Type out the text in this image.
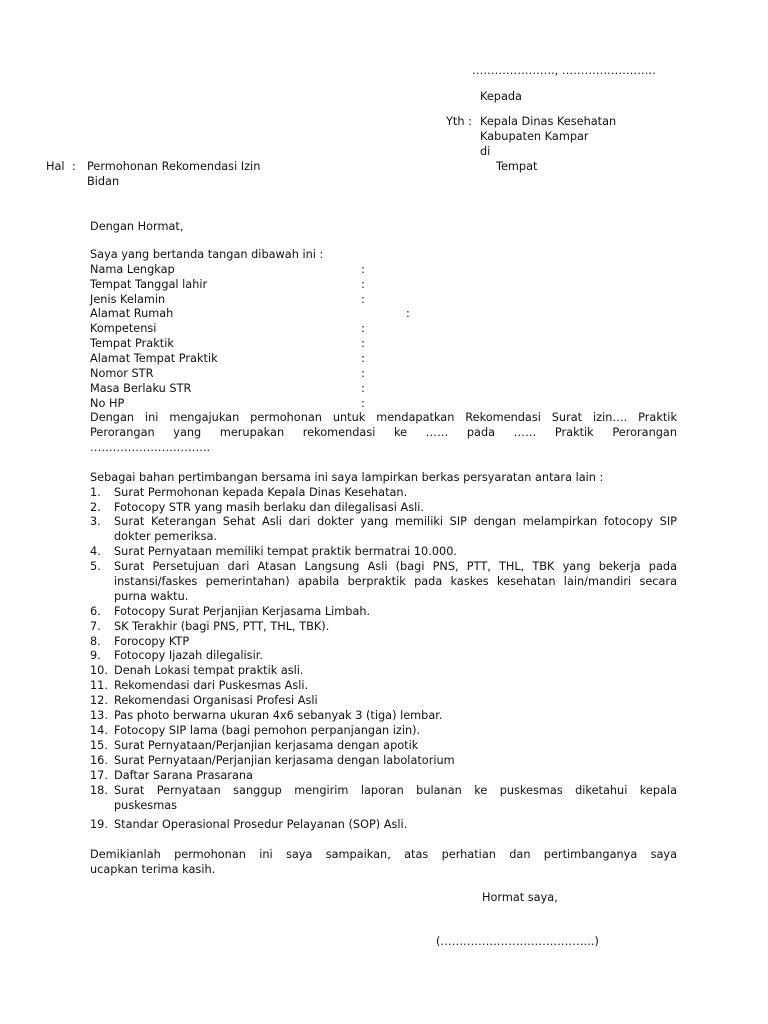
…………………., …………………….
Kepada
Yth : Kepala Dinas Kesehatan
Kabupaten Kampar
di
Tempat
Hal : Permohonan Rekomendasi Izin
Bidan
Dengan Hormat,
Saya yang bertanda tangan dibawah ini :
Nama Lengkap	:
Tempat Tanggal lahir	:
Jenis Kelamin	:
Alamat Rumah	:
Kompetensi	:
Tempat Praktik	:
Alamat Tempat Praktik	:
Nomor STR	:
Masa Berlaku STR	:
No HP	:
Dengan ini mengajukan permohonan untuk mendapatkan Rekomendasi Surat izin…. Praktik
Perorangan yang merupakan rekomendasi ke …… pada …… Praktik Perorangan
…………………………..
Sebagai bahan pertimbangan bersama ini saya lampirkan berkas persyaratan antara lain :
1. Surat Permohonan kepada Kepala Dinas Kesehatan.
2. Fotocopy STR yang masih berlaku dan dilegalisasi Asli.
3. Surat Keterangan Sehat Asli dari dokter yang memiliki SIP dengan melampirkan fotocopy SIP
dokter pemeriksa.
4. Surat Pernyataan memiliki tempat praktik bermatrai 10.000.
5. Surat Persetujuan dari Atasan Langsung Asli (bagi PNS, PTT, THL, TBK yang bekerja pada
instansi/faskes pemerintahan) apabila berpraktik pada kaskes kesehatan lain/mandiri secara
purna waktu.
6. Fotocopy Surat Perjanjian Kerjasama Limbah.
7. SK Terakhir (bagi PNS, PTT, THL, TBK).
8. Forocopy KTP
9. Fotocopy Ijazah dilegalisir.
10. Denah Lokasi tempat praktik asli.
11. Rekomendasi dari Puskesmas Asli.
12. Rekomendasi Organisasi Profesi Asli
13. Pas photo berwarna ukuran 4x6 sebanyak 3 (tiga) lembar.
14. Fotocopy SIP lama (bagi pemohon perpanjangan izin).
15. Surat Pernyataan/Perjanjian kerjasama dengan apotik
16. Surat Pernyataan/Perjanjian kerjasama dengan labolatorium
17. Daftar Sarana Prasarana
18. Surat Pernyataan sanggup mengirim laporan bulanan ke puskesmas diketahui kepala
puskesmas
19. Standar Operasional Prosedur Pelayanan (SOP) Asli.
Demikianlah permohonan ini saya sampaikan, atas perhatian dan pertimbanganya saya
ucapkan terima kasih.
Hormat saya,
(…………………………………..)
